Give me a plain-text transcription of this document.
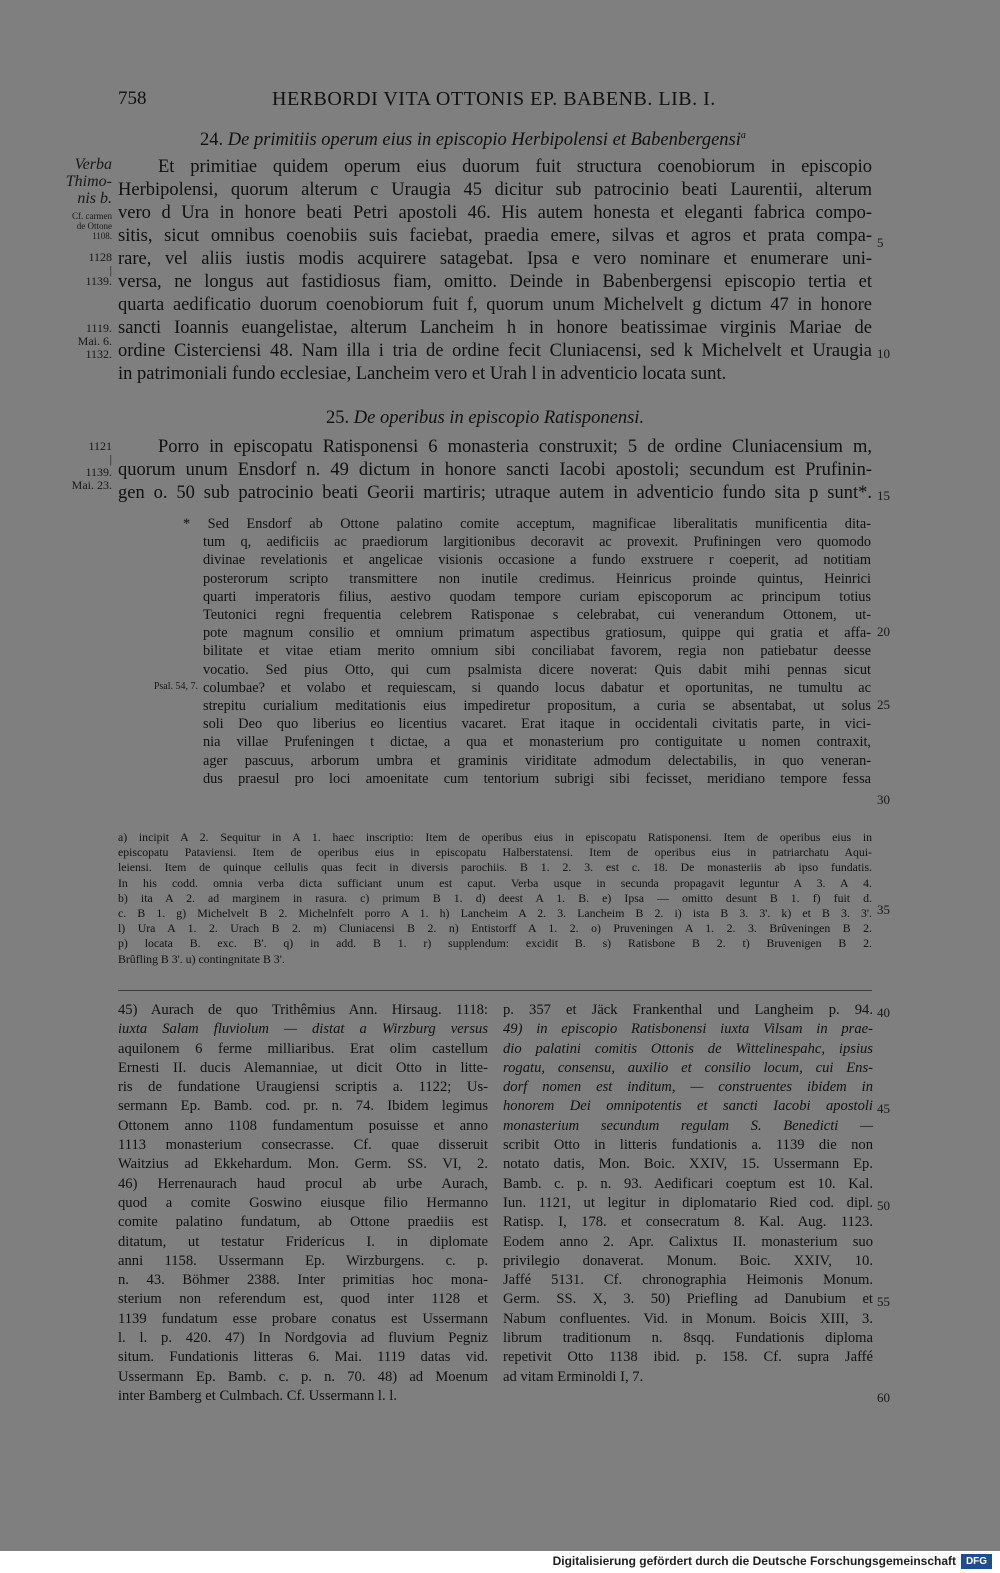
758	HERBORDI VITA OTTONIS EP. BABENB. LIB. I.
24. De primitiis operum eius in episcopio Herbipolensi et Babenbergensi$^a$
Et primitiae quidem operum eius duorum fuit structura coenobiorum in episcopio
Herbipolensi, quorum alterum c Uraugia 45 dicitur sub patrocinio beati Laurentii, alterum
vero d Ura in honore beati Petri apostoli 46. His autem honesta et eleganti fabrica compo-
sitis, sicut omnibus coenobiis suis faciebat, praedia emere, silvas et agros et prata compa-
rare, vel aliis iustis modis acquirere satagebat. Ipsa e vero nominare et enumerare uni-
versa, ne longus aut fastidiosus fiam, omitto. Deinde in Babenbergensi episcopio tertia et
quarta aedificatio duorum coenobiorum fuit f, quorum unum Michelvelt g dictum 47 in honore
sancti Ioannis euangelistae, alterum Lancheim h in honore beatissimae virginis Mariae de
ordine Cisterciensi 48. Nam illa i tria de ordine fecit Cluniacensi, sed k Michelvelt et Uraugia
in patrimoniali fundo ecclesiae, Lancheim vero et Urah l in adventicio locata sunt.
Verba
Thimo-
nis b.
Cf. carmen
de Ottone
1108.
1128
|
1139.
1119.
Mai. 6.
1132.
5
10
25. De operibus in episcopio Ratisponensi.
Porro in episcopatu Ratisponensi 6 monasteria construxit; 5 de ordine Cluniacensium m,
quorum unum Ensdorf n. 49 dictum in honore sancti Iacobi apostoli; secundum est Prufinin-
gen o. 50 sub patrocinio beati Georii martiris; utraque autem in adventicio fundo sita p sunt*.
1121
|
1139.
Mai. 23.
15
* Sed Ensdorf ab Ottone palatino comite acceptum, magnificae liberalitatis munificentia dita-
tum q, aedificiis ac praediorum largitionibus decoravit ac provexit. Prufiningen vero quomodo
divinae revelationis et angelicae visionis occasione a fundo exstruere r coeperit, ad notitiam
posterorum scripto transmittere non inutile credimus. Heinricus proinde quintus, Heinrici
quarti imperatoris filius, aestivo quodam tempore curiam episcoporum ac principum totius
Teutonici regni frequentia celebrem Ratisponae s celebrabat, cui venerandum Ottonem, ut-
pote magnum consilio et omnium primatum aspectibus gratiosum, quippe qui gratia et affa-
bilitate et vitae etiam merito omnium sibi conciliabat favorem, regia non patiebatur deesse
vocatio. Sed pius Otto, qui cum psalmista dicere noverat: Quis dabit mihi pennas sicut
columbae? et volabo et requiescam, si quando locus dabatur et oportunitas, ne tumultu ac
strepitu curialium meditationis eius impediretur propositum, a curia se absentabat, ut solus
soli Deo quo liberius eo licentius vacaret. Erat itaque in occidentali civitatis parte, in vici-
nia villae Prufeningen t dictae, a qua et monasterium pro contiguitate u nomen contraxit,
ager pascuus, arborum umbra et graminis viriditate admodum delectabilis, in quo veneran-
dus praesul pro loci amoenitate cum tentorium subrigi sibi fecisset, meridiano tempore fessa
Psal. 54, 7.
20
25
30
a) incipit A 2. Sequitur in A 1. haec inscriptio: Item de operibus eius in episcopatu Ratisponensi. Item de operibus eius in
episcopatu Pataviensi. Item de operibus eius in episcopatu Halberstatensi. Item de operibus eius in patriarchatu Aqui-
leiensi. Item de quinque cellulis quas fecit in diversis parochiis. B 1. 2. 3. est c. 18. De monasteriis ab ipso fundatis.
In his codd. omnia verba dicta sufficiant unum est caput. Verba usque in secunda propagavit leguntur A 3. A 4.
b) ita A 2. ad marginem in rasura. c) primum B 1. d) deest A 1. B. e) Ipsa — omitto desunt B 1. f) fuit d.
c. B 1. g) Michelvelt B 2. Michelnfelt porro A 1. h) Lancheim A 2. 3. Lancheim B 2. i) ista B 3. 3'. k) et B 3. 3'.
l) Ura A 1. 2. Urach B 2. m) Cluniacensi B 2. n) Entistorff A 1. 2. o) Pruveningen A 1. 2. 3. Brûveningen B 2.
p) locata B. exc. B'. q) in add. B 1. r) supplendum: excidit B. s) Ratisbone B 2. t) Bruvenigen B 2.
Brûfling B 3'. u) contingnitate B 3'.
35
45) Aurach de quo Trithêmius Ann. Hirsaug. 1118:
iuxta Salam fluviolum — distat a Wirzburg versus
aquilonem 6 ferme milliaribus. Erat olim castellum
Ernesti II. ducis Alemanniae, ut dicit Otto in litte-
ris de fundatione Uraugiensi scriptis a. 1122; Us-
sermann Ep. Bamb. cod. pr. n. 74. Ibidem legimus
Ottonem anno 1108 fundamentum posuisse et anno
1113 monasterium consecrasse. Cf. quae disseruit
Waitzius ad Ekkehardum. Mon. Germ. SS. VI, 2.
46) Herrenaurach haud procul ab urbe Aurach,
quod a comite Goswino eiusque filio Hermanno
comite palatino fundatum, ab Ottone praediis est
ditatum, ut testatur Fridericus I. in diplomate
anni 1158. Ussermann Ep. Wirzburgens. c. p.
n. 43. Böhmer 2388. Inter primitias hoc mona-
sterium non referendum est, quod inter 1128 et
1139 fundatum esse probare conatus est Ussermann
l. l. p. 420. 47) In Nordgovia ad fluvium Pegniz
situm. Fundationis litteras 6. Mai. 1119 datas vid.
Ussermann Ep. Bamb. c. p. n. 70. 48) ad Moenum
inter Bamberg et Culmbach. Cf. Ussermann l. l.
p. 357 et Jäck Frankenthal und Langheim p. 94.
49) in episcopio Ratisbonensi iuxta Vilsam in prae-
dio palatini comitis Ottonis de Wittelinespahc, ipsius
rogatu, consensu, auxilio et consilio locum, cui Ens-
dorf nomen est inditum, — construentes ibidem in
honorem Dei omnipotentis et sancti Iacobi apostoli
monasterium secundum regulam S. Benedicti —
scribit Otto in litteris fundationis a. 1139 die non
notato datis, Mon. Boic. XXIV, 15. Ussermann Ep.
Bamb. c. p. n. 93. Aedificari coeptum est 10. Kal.
Iun. 1121, ut legitur in diplomatario Ried cod. dipl.
Ratisp. I, 178. et consecratum 8. Kal. Aug. 1123.
Eodem anno 2. Apr. Calixtus II. monasterium suo
privilegio donaverat. Monum. Boic. XXIV, 10.
Jaffé 5131. Cf. chronographia Heimonis Monum.
Germ. SS. X, 3. 50) Priefling ad Danubium et
Nabum confluentes. Vid. in Monum. Boicis XIII, 3.
librum traditionum n. 8sqq. Fundationis diploma
repetivit Otto 1138 ibid. p. 158. Cf. supra Jaffé
ad vitam Erminoldi I, 7.
40
45
50
55
60
Digitalisierung gefördert durch die Deutsche Forschungsgemeinschaft DFG
